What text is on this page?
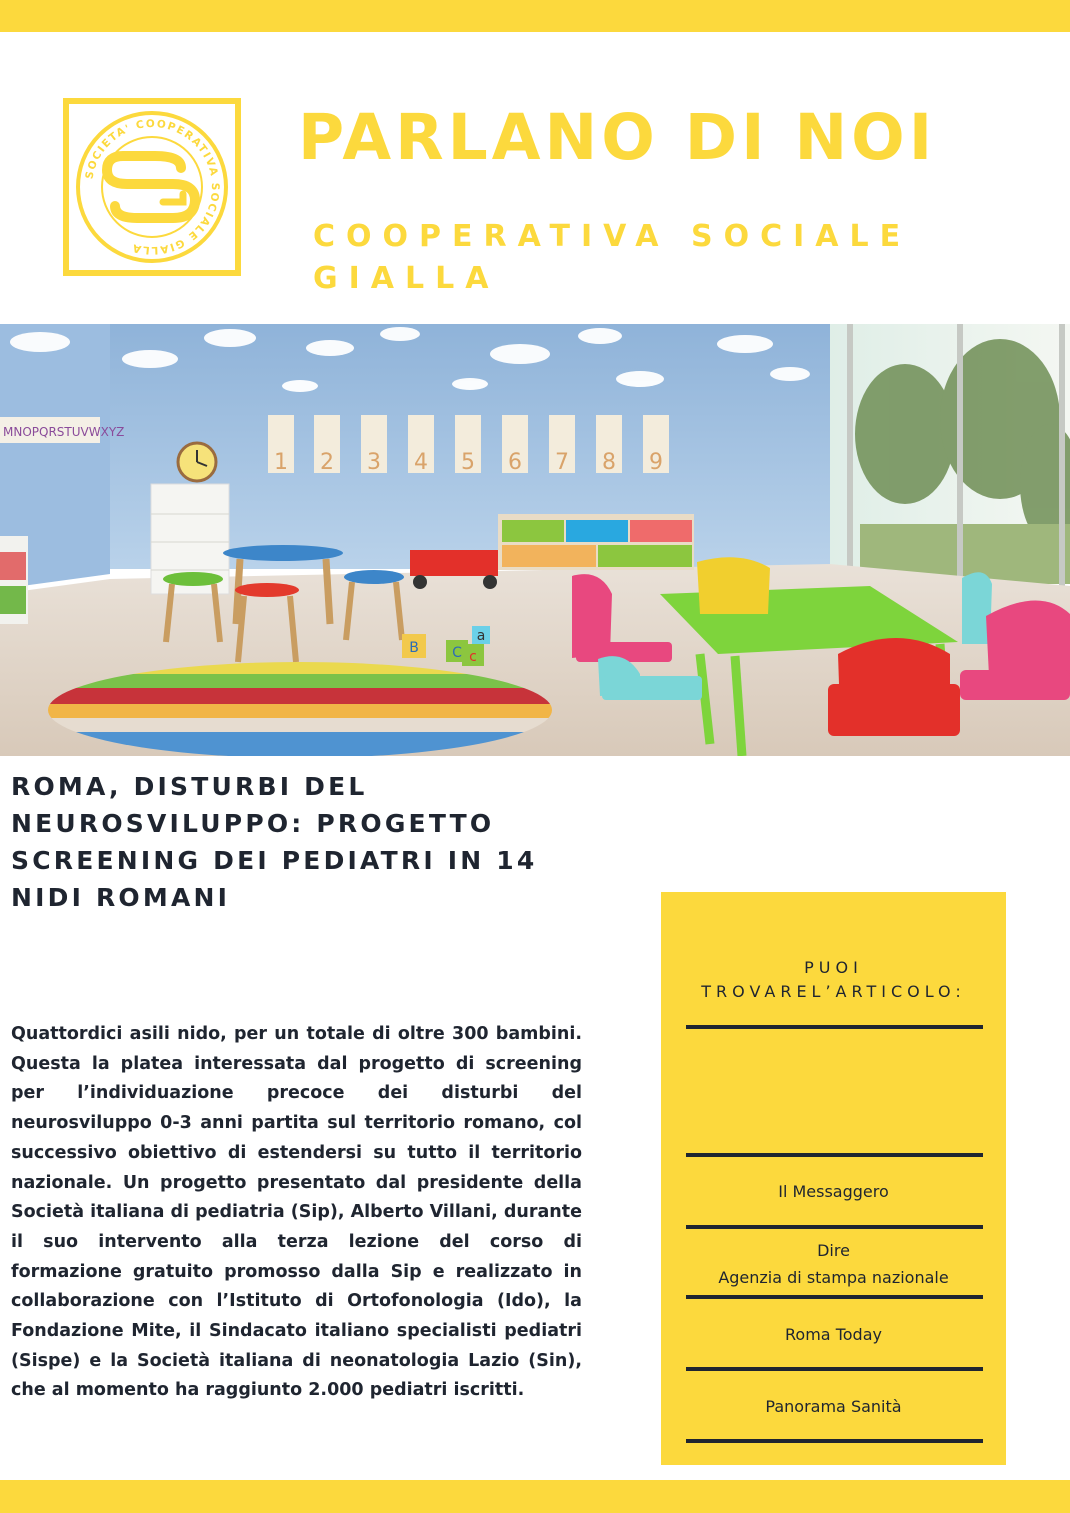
SOCIETA' COOPERATIVA SOCIALE GIALLA
PARLANO DI NOI
COOPERATIVA SOCIALE GIALLA
MNOPQRSTUVWXYZ
1 2 3 4 5 6 7 8 9
B C c
a
ROMA, DISTURBI DEL NEUROSVILUPPO: PROGETTO SCREENING DEI PEDIATRI IN 14 NIDI ROMANI
Quattordici asili nido, per un totale di oltre 300 bambini. Questa la platea interessata dal progetto di screening per l’individuazione precoce dei disturbi del neurosviluppo 0-3 anni partita sul territorio romano, col successivo obiettivo di estendersi su tutto il territorio nazionale. Un progetto presentato dal presidente della Società italiana di pediatria (Sip), Alberto Villani, durante il suo intervento alla terza lezione del corso di formazione gratuito promosso dalla Sip e realizzato in collaborazione con l’Istituto di Ortofonologia (Ido), la Fondazione Mite, il Sindacato italiano specialisti pediatri (Sispe) e la Società italiana di neonatologia Lazio (Sin), che al momento ha raggiunto 2.000 pediatri iscritti.
PUOI
TROVAREL’ARTICOLO:
Il Messaggero
Dire
Agenzia di stampa nazionale
Roma Today
Panorama Sanità
